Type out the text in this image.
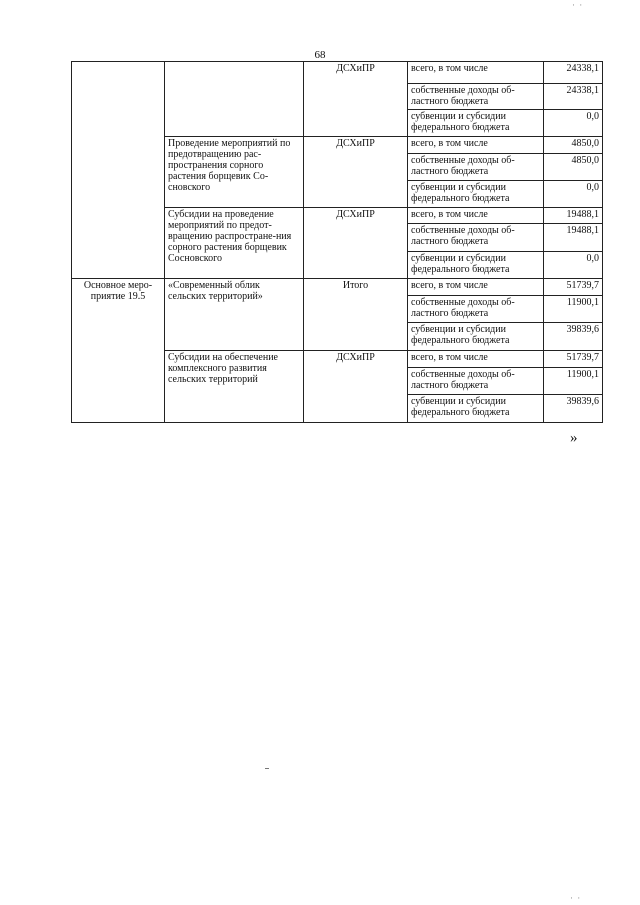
68
		ДСХиПР	всего, в том числе	24338,1
			собственные доходы об-ластного бюджета	24338,1
			субвенции и субсидии федерального бюджета	0,0
	Проведение мероприятий по предотвращению рас-пространения сорного растения борщевик Со-сновского	ДСХиПР	всего, в том числе	4850,0
			собственные доходы об-ластного бюджета	4850,0
			субвенции и субсидии федерального бюджета	0,0
	Субсидии на проведение мероприятий по предот-вращению распростране-ния сорного растения борщевик Сосновского	ДСХиПР	всего, в том числе	19488,1
			собственные доходы об-ластного бюджета	19488,1
			субвенции и субсидии федерального бюджета	0,0
Основное меро-приятие 19.5	«Современный облик сельских территорий»	Итого	всего, в том числе	51739,7
			собственные доходы об-ластного бюджета	11900,1
			субвенции и субсидии федерального бюджета	39839,6
	Субсидии на обеспечение комплексного развития сельских территорий	ДСХиПР	всего, в том числе	51739,7
			собственные доходы об-ластного бюджета	11900,1
			субвенции и субсидии федерального бюджета	39839,6
»
· ·
· ·
